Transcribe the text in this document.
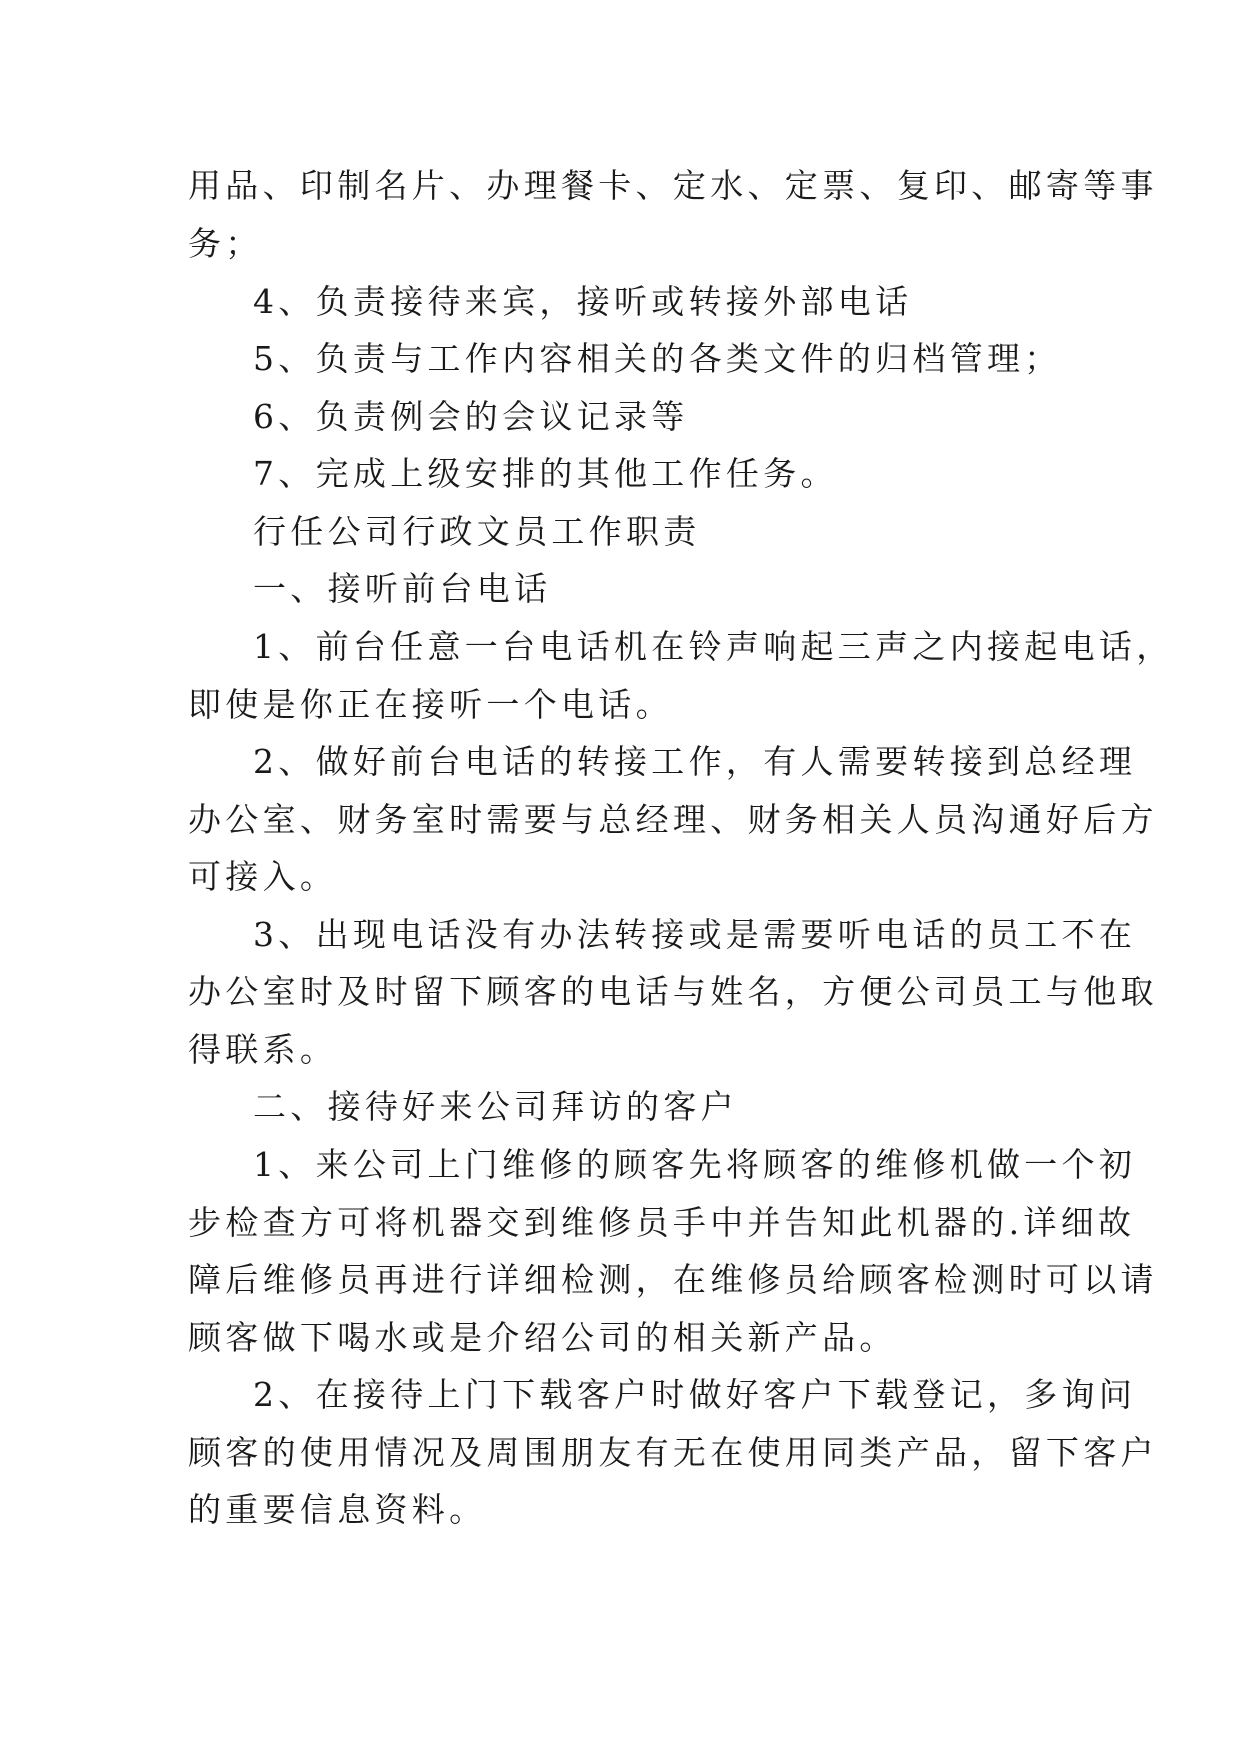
用品、印制名片、办理餐卡、定水、定票、复印、邮寄等事
务；
4、负责接待来宾，接听或转接外部电话
5、负责与工作内容相关的各类文件的归档管理；
6、负责例会的会议记录等
7、完成上级安排的其他工作任务。
行任公司行政文员工作职责
一、接听前台电话
1、前台任意一台电话机在铃声响起三声之内接起电话，
即使是你正在接听一个电话。
2、做好前台电话的转接工作，有人需要转接到总经理
办公室、财务室时需要与总经理、财务相关人员沟通好后方
可接入。
3、出现电话没有办法转接或是需要听电话的员工不在
办公室时及时留下顾客的电话与姓名，方便公司员工与他取
得联系。
二、接待好来公司拜访的客户
1、来公司上门维修的顾客先将顾客的维修机做一个初
步检查方可将机器交到维修员手中并告知此机器的.详细故
障后维修员再进行详细检测，在维修员给顾客检测时可以请
顾客做下喝水或是介绍公司的相关新产品。
2、在接待上门下载客户时做好客户下载登记，多询问
顾客的使用情况及周围朋友有无在使用同类产品，留下客户
的重要信息资料。
